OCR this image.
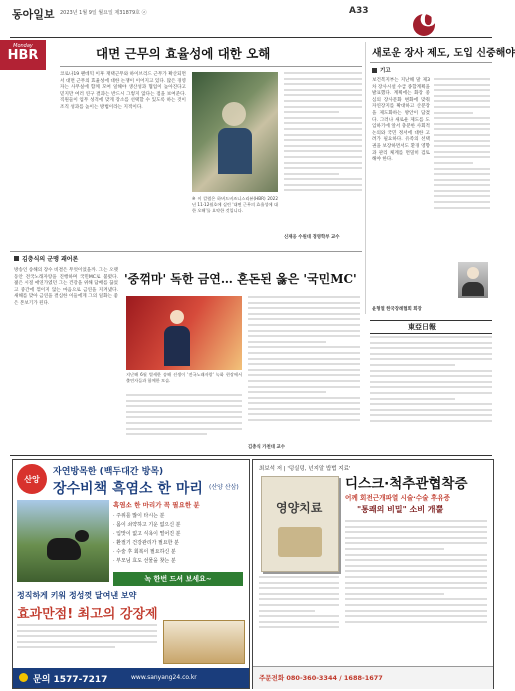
동아일보 2023년 1월 9일 월요일 제31879호 ⓐ	A33	Opinion
Monday
HBR	대면 근무의 효율성에 대한 오해
코로나19 팬데믹 이후 재택근무와 하이브리드 근무가 확산되면서 대면 근무의 효율성에 대한 논쟁이 이어지고 있다. 많은 경영자는 사무실에 함께 모여 일해야 생산성과 협업이 높아진다고 믿지만 여러 연구 결과는 반드시 그렇지 않다는 점을 보여준다. 직원들이 업무 성격에 맞게 장소를 선택할 수 있도록 하는 것이 조직 성과를 높이는 방법이라는 지적이다.
※ 이 칼럼은 하버드비즈니스리뷰(HBR) 2022년 11·12월호에 실린 '대면 근무의 효율성에 대한 오해'를 요약한 것입니다.
신재웅 수원대 경영학부 교수
새로운 장사 제도, 도입 신중해야
기고
보건복지부는 지난해 말 제3차 장사시설 수급 종합계획을 발표했다. 계획에는 화장 중심의 장사문화 변화에 맞춰 자연장지를 확대하고 산분장을 제도화하는 방안이 담겼다. 그러나 새로운 제도를 도입하기에 앞서 충분한 사회적 논의와 국민 정서에 대한 고려가 필요하다. 유족의 선택권을 보장하면서도 환경 영향과 관리 체계를 면밀히 검토해야 한다.
윤형열 한국장례협회 회장
김충식의 군맹 괘어론
방송인 송해의 장수 비결은 무엇이었을까. 그는 오랫동안 전국노래자랑을 진행하며 국민MC로 불렸다. 젊은 시절 애연가였던 그는 건강을 위해 담배를 끊었고 중간에 꺾이지 않는 마음으로 금연을 지켜냈다. 새해를 맞아 금연을 결심한 이들에게 그의 일화는 좋은 본보기가 된다.
'중꺾마' 독한 금연… 혼돈된 옳은 '국민MC'
지난해 6월 별세한 송해 선생이 '전국노래자랑' 녹화 현장에서 출연자들과 함께한 모습.
김충식 가천대 교수
東亞日報
산앙
자연방목한 (백두대간 방목)
장수비책 흑염소 한 마리 (산양 산삼)
흑염소 한 마리가 꼭 필요한 분
· 주위를 많이 타시는 분
· 몸이 쇠약하고 기운 없으신 분
· 입맛이 없고 식욕이 떨어진 분
· 환절기 건강관리가 필요한 분
· 수술 후 회복이 필요하신 분
· 부모님 효도 선물을 찾는 분
녹 한번 드셔 보세요~
정직하게 키워 정성껏 달여낸 보약
효과만점! 최고의 강장제
문의 1577-7217	www.sanyang24.co.kr
최보석 저 | '덩실덩, 넌지알 밥법 지료'
영양치료
디스크·척추관협착증
어께 회전근개파열 시술·수술 후유증
"통쾌의 비밀" 소비 개뿔
주문전화 080-360-3344 / 1688-1677
